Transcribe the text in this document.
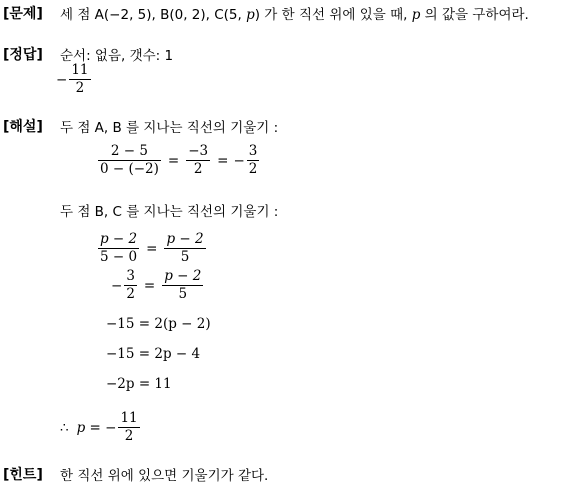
[문제] 세 점 A(−2, 5), B(0, 2), C(5, p) 가 한 직선 위에 있을 때, p 의 값을 구하여라.
[정답] 순서: 없음, 갯수: 1
− $\frac{11}{2}$
[해설] 두 점 A, B 를 지나는 직선의 기울기 :
$\frac{2 - 5}{0 - (-2)} = \frac{-3}{2}$ = − $\frac{3}{2}$
두 점 B, C 를 지나는 직선의 기울기 :
$\frac{p - 2}{5 - 0} = \frac{p - 2}{5}$
− $\frac{3}{2} = \frac{p - 2}{5}$
−15 = 2(p − 2)
−15 = 2p − 4
−2p = 11
∴ p = − $\frac{11}{2}$
[힌트] 한 직선 위에 있으면 기울기가 같다.
